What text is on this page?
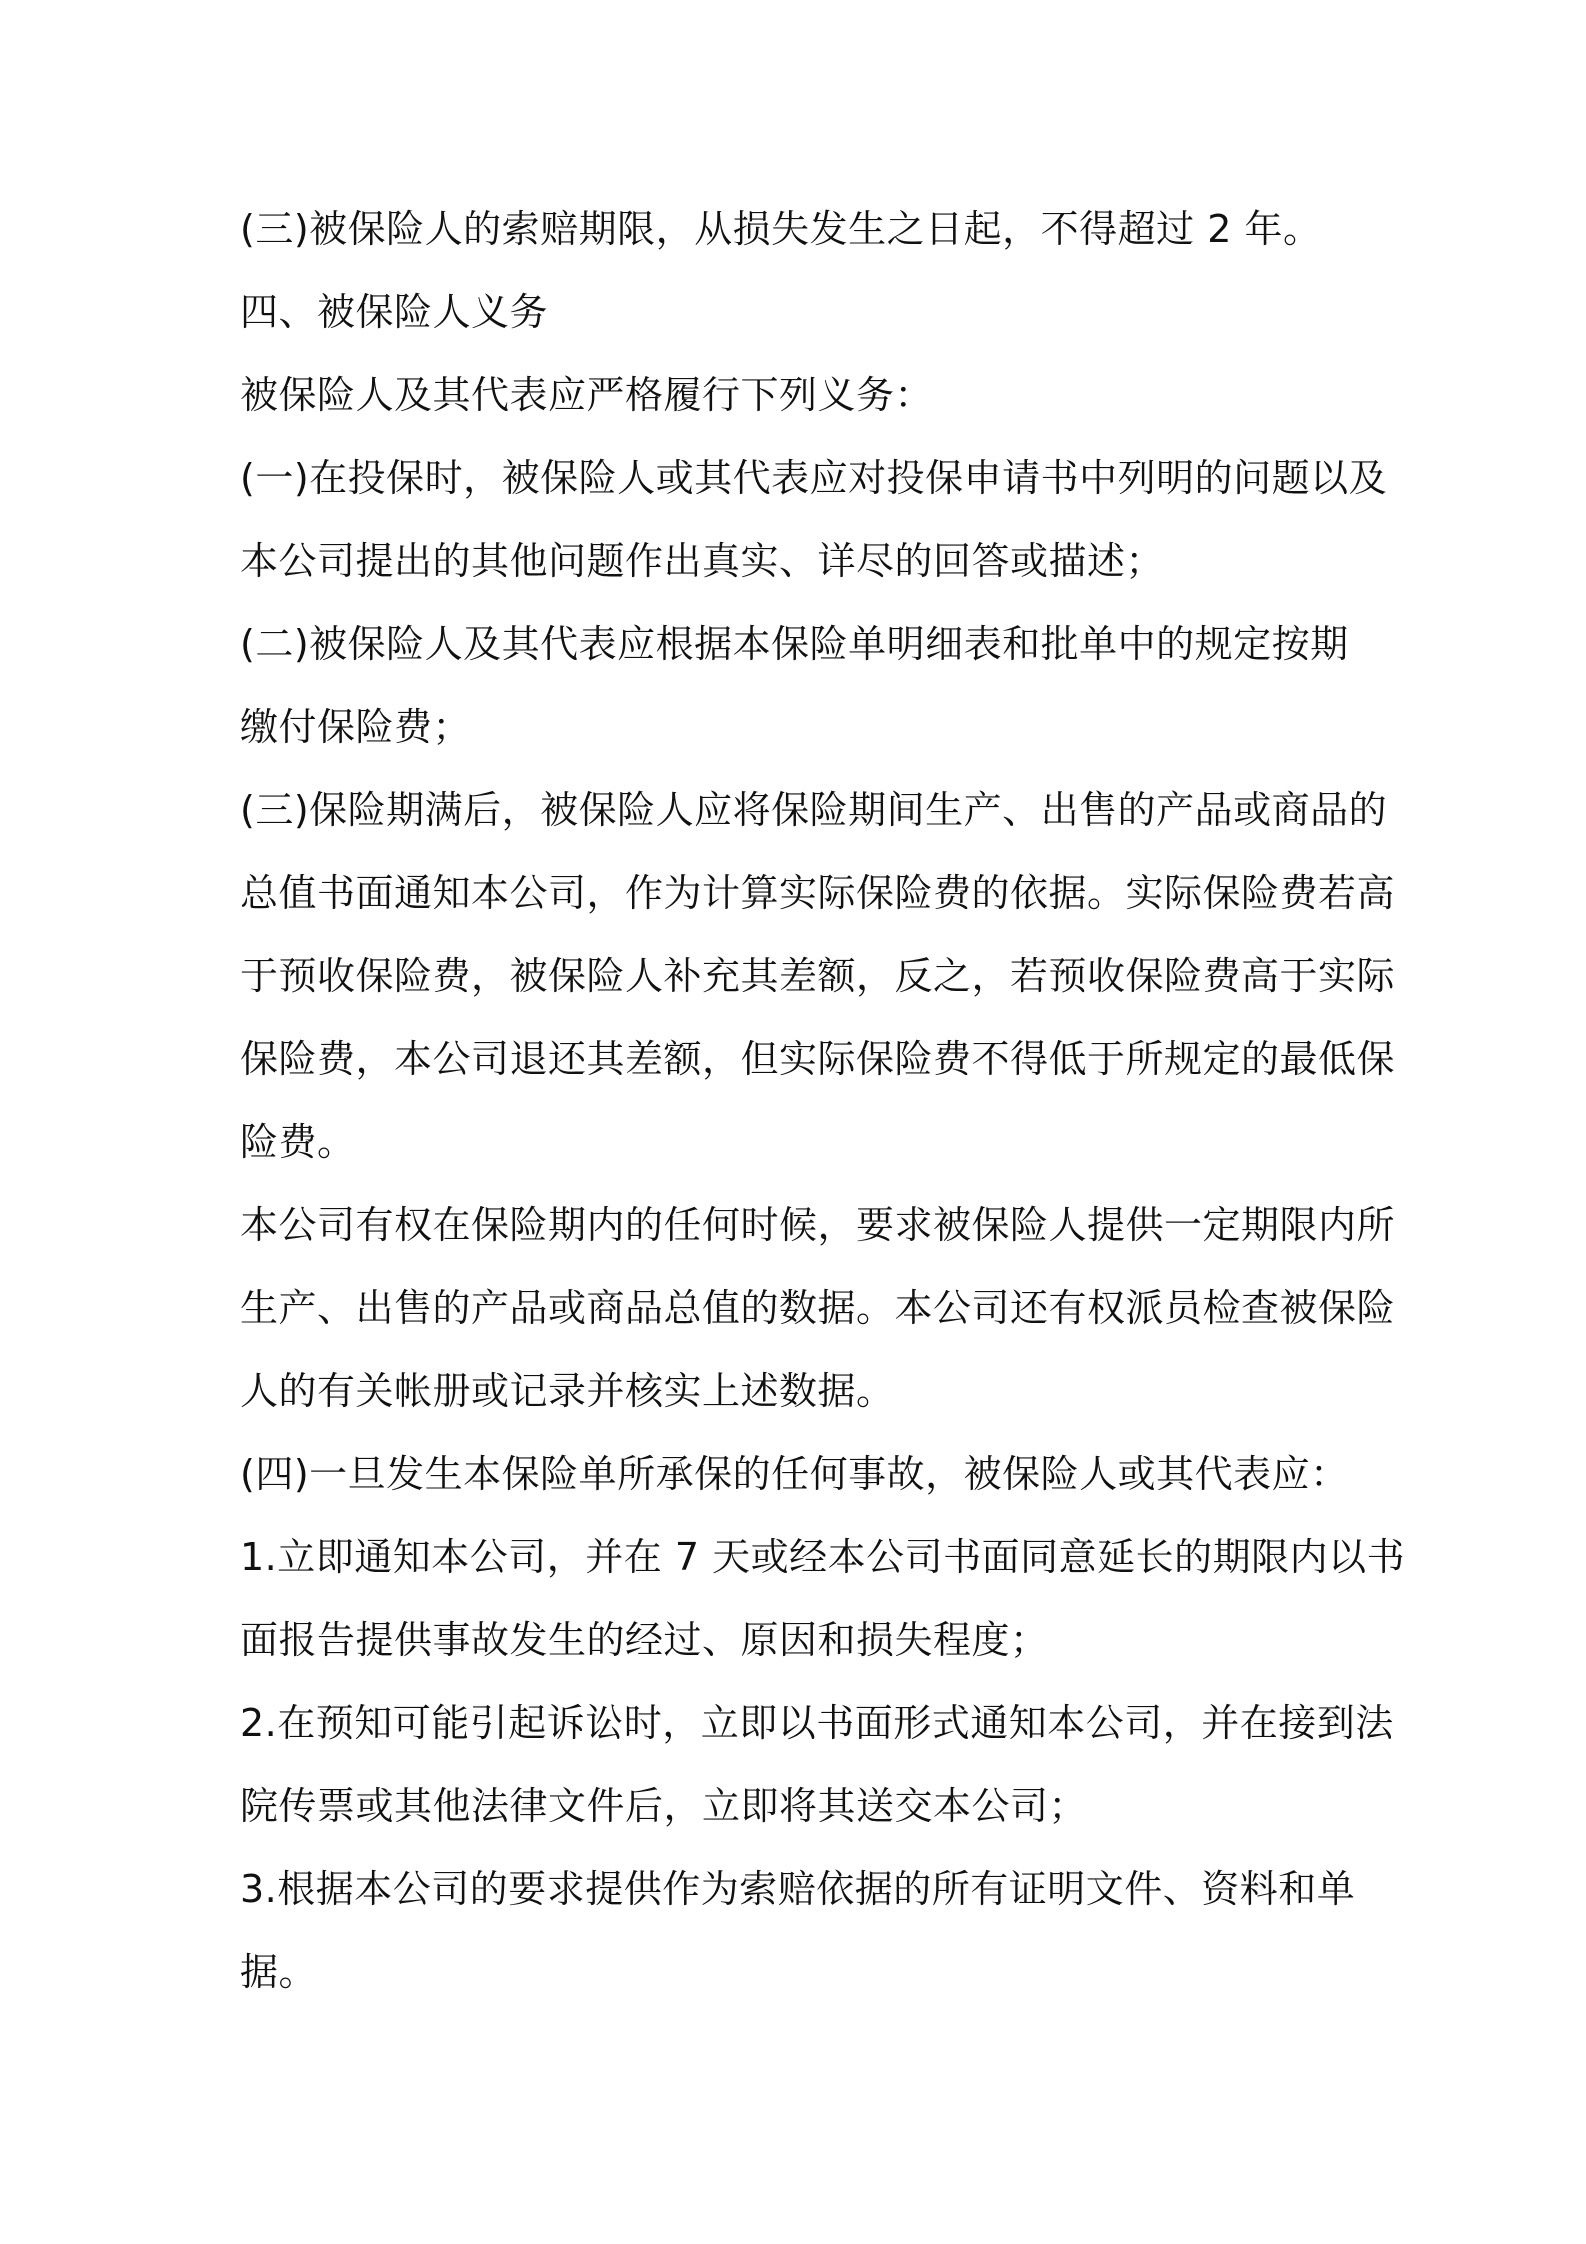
(三)被保险人的索赔期限，从损失发生之日起，不得超过 2 年。
四、被保险人义务
被保险人及其代表应严格履行下列义务：
(一)在投保时，被保险人或其代表应对投保申请书中列明的问题以及
本公司提出的其他问题作出真实、详尽的回答或描述；
(二)被保险人及其代表应根据本保险单明细表和批单中的规定按期
缴付保险费；
(三)保险期满后，被保险人应将保险期间生产、出售的产品或商品的
总值书面通知本公司，作为计算实际保险费的依据。实际保险费若高
于预收保险费，被保险人补充其差额，反之，若预收保险费高于实际
保险费，本公司退还其差额，但实际保险费不得低于所规定的最低保
险费。
本公司有权在保险期内的任何时候，要求被保险人提供一定期限内所
生产、出售的产品或商品总值的数据。本公司还有权派员检查被保险
人的有关帐册或记录并核实上述数据。
(四)一旦发生本保险单所承保的任何事故，被保险人或其代表应：
1.立即通知本公司，并在 7 天或经本公司书面同意延长的期限内以书
面报告提供事故发生的经过、原因和损失程度；
2.在预知可能引起诉讼时，立即以书面形式通知本公司，并在接到法
院传票或其他法律文件后，立即将其送交本公司；
3.根据本公司的要求提供作为索赔依据的所有证明文件、资料和单
据。
